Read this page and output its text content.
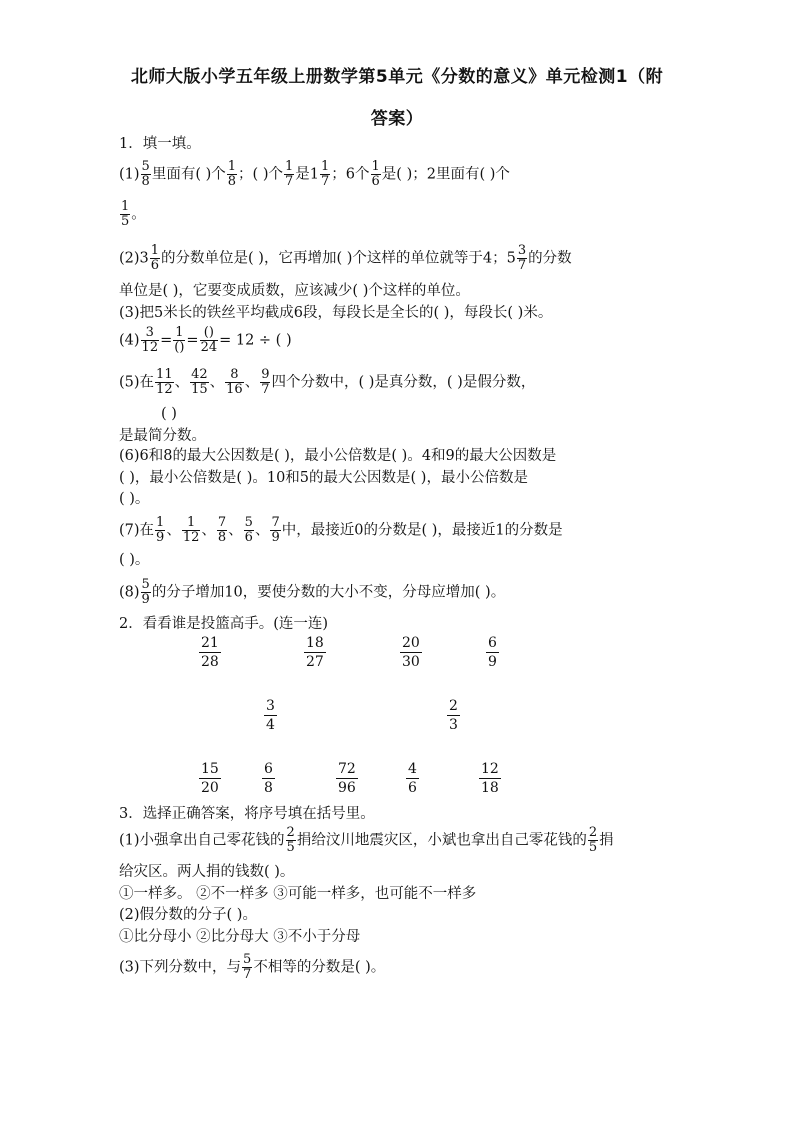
北师大版小学五年级上册数学第5单元《分数的意义》单元检测1（附
答案）
1．填一填。
$(1) \frac{5}{8}$ 里面有( )个 $\frac{1}{8}$ ；( )个 $\frac{1}{7}$ 是$1 \frac{1}{7}$ ；6个 $\frac{1}{6}$ 是( )；2里面有( )个
$\frac{1}{5}$ 。
$(2)3 \frac{1}{6}$ 的分数单位是( )，它再增加( )个这样的单位就等于4；$5 \frac{3}{7}$ 的分数
单位是( )，它要变成质数，应该减少( )个这样的单位。
(3)把5米长的铁丝平均截成6段，每段长是全长的( )，每段长( )米。
$(4) \frac{3}{12} = \frac{1}{()} = \frac{()}{24} = 12$ ÷ ( )
(5)在 $\frac{11}{12}$ 、 $\frac{42}{15}$ 、 $\frac{8}{16}$ 、 $\frac{9}{7}$ 四个分数中，( )是真分数，( )是假分数，
( )
是最简分数。
(6)6和8的最大公因数是( )，最小公倍数是( )。4和9的最大公因数是
( )，最小公倍数是( )。10和5的最大公因数是( )，最小公倍数是
( )。
(7)在 $\frac{1}{9}$ 、 $\frac{1}{12}$ 、 $\frac{7}{8}$ 、 $\frac{5}{6}$ 、 $\frac{7}{9}$ 中，最接近0的分数是( )，最接近1的分数是
( )。
$(8) \frac{5}{9}$ 的分子增加10，要使分数的大小不变，分母应增加( )。
2．看看谁是投篮高手。(连一连)
21
28
18
27
20
30
6
9
3
4
2
3
15
20
6
8
72
96
4
6
12
18
3．选择正确答案，将序号填在括号里。
(1)小强拿出自己零花钱的 $\frac{2}{5}$ 捐给汶川地震灾区，小斌也拿出自己零花钱的 $\frac{2}{5}$ 捐
给灾区。两人捐的钱数( )。
①一样多。 ②不一样多 ③可能一样多，也可能不一样多
(2)假分数的分子( )。
①比分母小 ②比分母大 ③不小于分母
(3)下列分数中，与 $\frac{5}{7}$ 不相等的分数是( )。
